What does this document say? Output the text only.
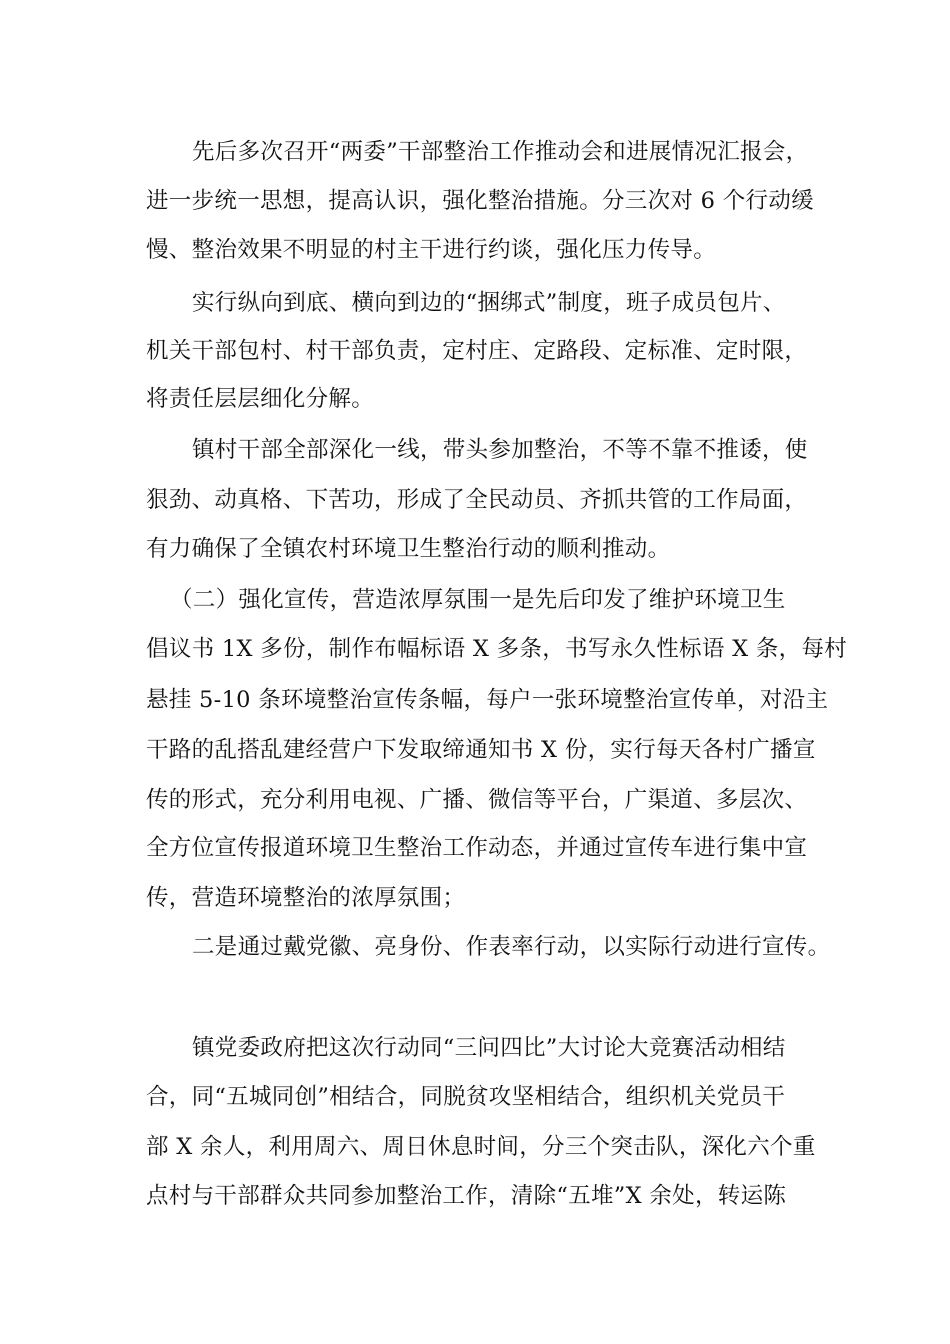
先后多次召开“两委”干部整治工作推动会和进展情况汇报会，
进一步统一思想，提高认识，强化整治措施。分三次对 6 个行动缓
慢、整治效果不明显的村主干进行约谈，强化压力传导。
实行纵向到底、横向到边的“捆绑式”制度，班子成员包片、
机关干部包村、村干部负责，定村庄、定路段、定标准、定时限，
将责任层层细化分解。
镇村干部全部深化一线，带头参加整治，不等不靠不推诿，使
狠劲、动真格、下苦功，形成了全民动员、齐抓共管的工作局面，
有力确保了全镇农村环境卫生整治行动的顺利推动。
（二）强化宣传，营造浓厚氛围一是先后印发了维护环境卫生
倡议书 1X 多份，制作布幅标语 X 多条，书写永久性标语 X 条，每村
悬挂 5-10 条环境整治宣传条幅，每户一张环境整治宣传单，对沿主
干路的乱搭乱建经营户下发取缔通知书 X 份，实行每天各村广播宣
传的形式，充分利用电视、广播、微信等平台，广渠道、多层次、
全方位宣传报道环境卫生整治工作动态，并通过宣传车进行集中宣
传，营造环境整治的浓厚氛围；
二是通过戴党徽、亮身份、作表率行动，以实际行动进行宣传。
镇党委政府把这次行动同“三问四比”大讨论大竞赛活动相结
合，同“五城同创”相结合，同脱贫攻坚相结合，组织机关党员干
部 X 余人，利用周六、周日休息时间，分三个突击队，深化六个重
点村与干部群众共同参加整治工作，清除“五堆”X 余处，转运陈
